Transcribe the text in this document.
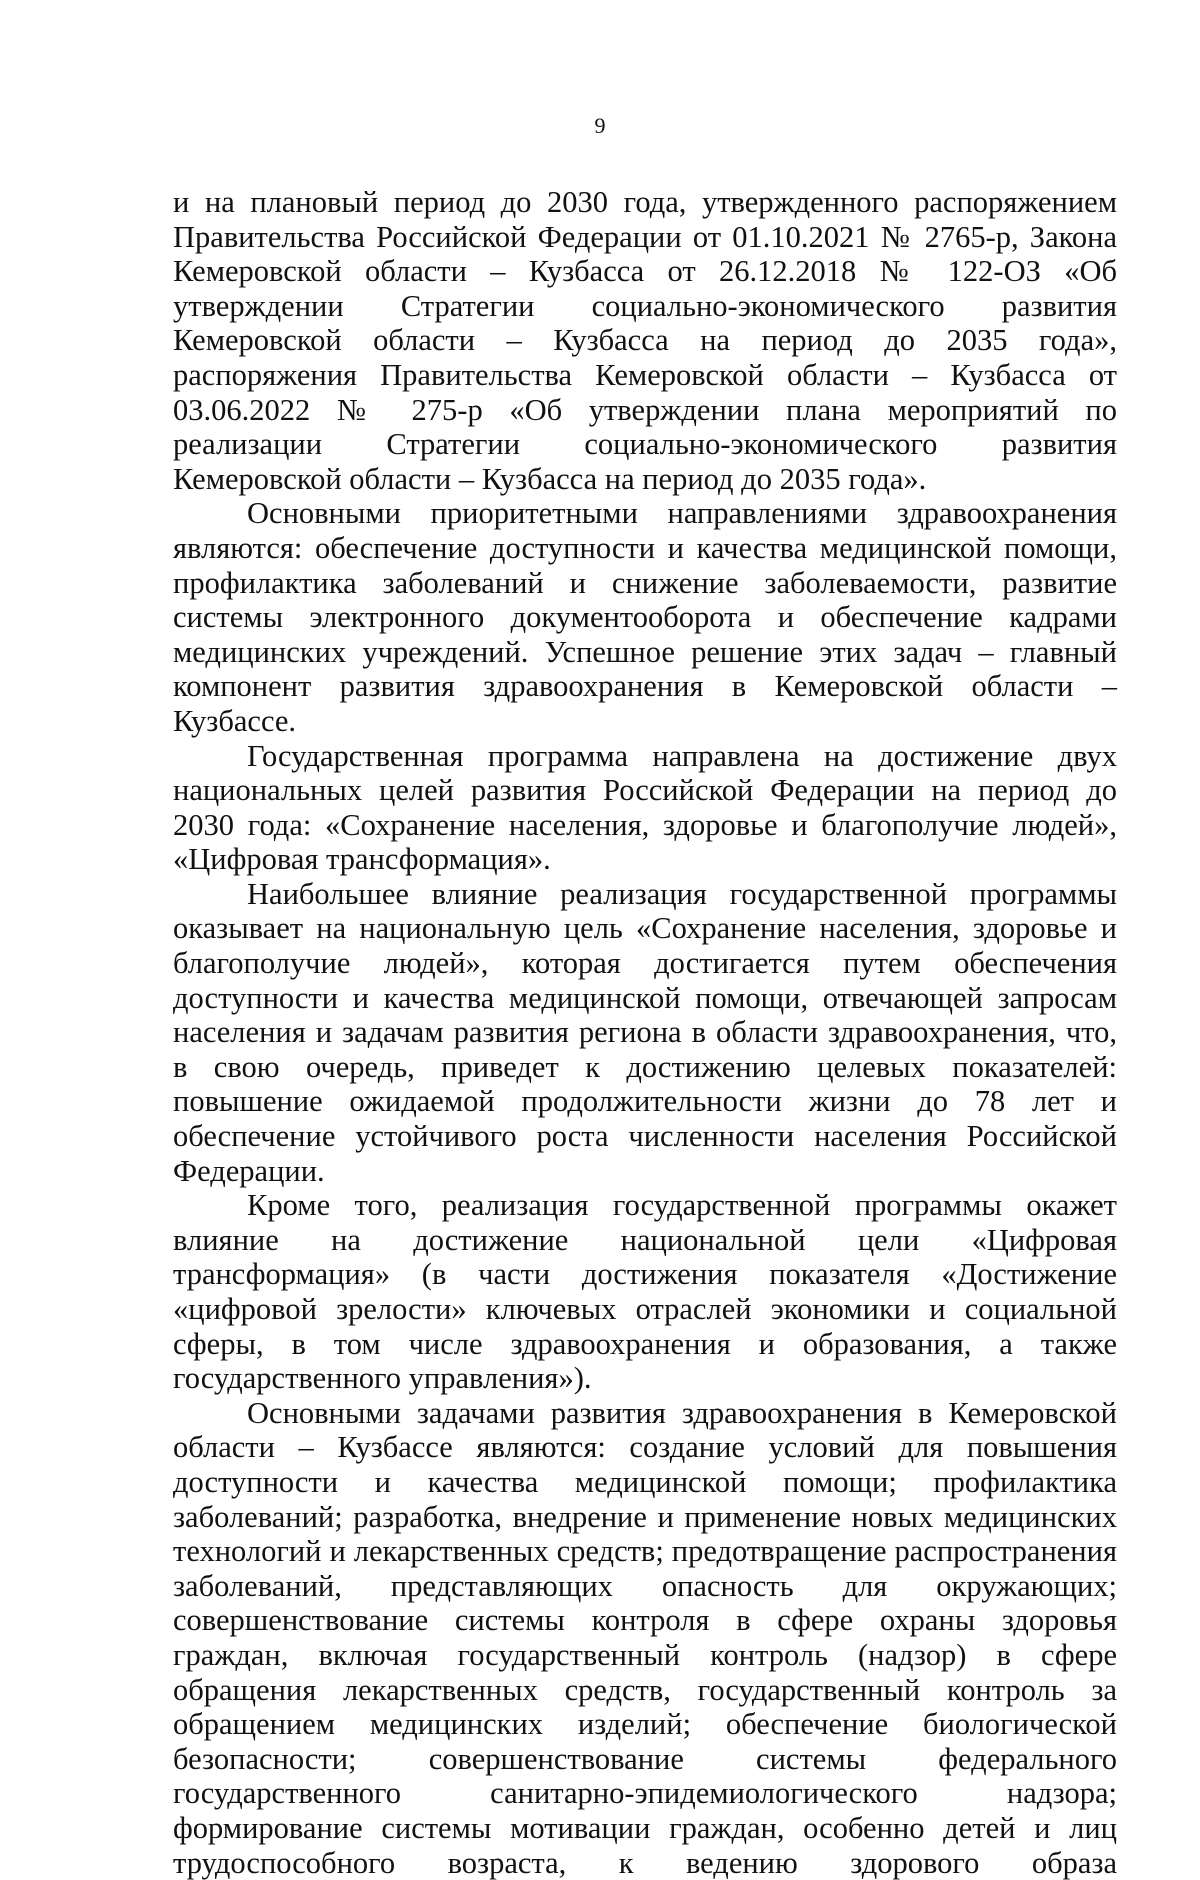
9

и на плановый период до 2030 года, утвержденного распоряжением Правительства Российской Федерации от 01.10.2021 № 2765-р, Закона Кемеровской области – Кузбасса от 26.12.2018 № 122-ОЗ «Об утверждении Стратегии социально-экономического развития Кемеровской области – Кузбасса на период до 2035 года», распоряжения Правительства Кемеровской области – Кузбасса от 03.06.2022 № 275-р «Об утверждении плана мероприятий по реализации Стратегии социально-экономического развития Кемеровской области – Кузбасса на период до 2035 года».

Основными приоритетными направлениями здравоохранения являются: обеспечение доступности и качества медицинской помощи, профилактика заболеваний и снижение заболеваемости, развитие системы электронного документооборота и обеспечение кадрами медицинских учреждений. Успешное решение этих задач – главный компонент развития здравоохранения в Кемеровской области – Кузбассе.

Государственная программа направлена на достижение двух национальных целей развития Российской Федерации на период до 2030 года: «Сохранение населения, здоровье и благополучие людей», «Цифровая трансформация».

Наибольшее влияние реализация государственной программы оказывает на национальную цель «Сохранение населения, здоровье и благополучие людей», которая достигается путем обеспечения доступности и качества медицинской помощи, отвечающей запросам населения и задачам развития региона в области здравоохранения, что, в свою очередь, приведет к достижению целевых показателей: повышение ожидаемой продолжительности жизни до 78 лет и обеспечение устойчивого роста численности населения Российской Федерации.

Кроме того, реализация государственной программы окажет влияние на достижение национальной цели «Цифровая трансформация» (в части достижения показателя «Достижение «цифровой зрелости» ключевых отраслей экономики и социальной сферы, в том числе здравоохранения и образования, а также государственного управления»).

Основными задачами развития здравоохранения в Кемеровской области – Кузбассе являются: создание условий для повышения доступности и качества медицинской помощи; профилактика заболеваний; разработка, внедрение и применение новых медицинских технологий и лекарственных средств; предотвращение распространения заболеваний, представляющих опасность для окружающих; совершенствование системы контроля в сфере охраны здоровья граждан, включая государственный контроль (надзор) в сфере обращения лекарственных средств, государственный контроль за обращением медицинских изделий; обеспечение биологической безопасности; совершенствование системы федерального государственного санитарно-эпидемиологического надзора; формирование системы мотивации граждан, особенно детей и лиц трудоспособного возраста, к ведению здорового образа
